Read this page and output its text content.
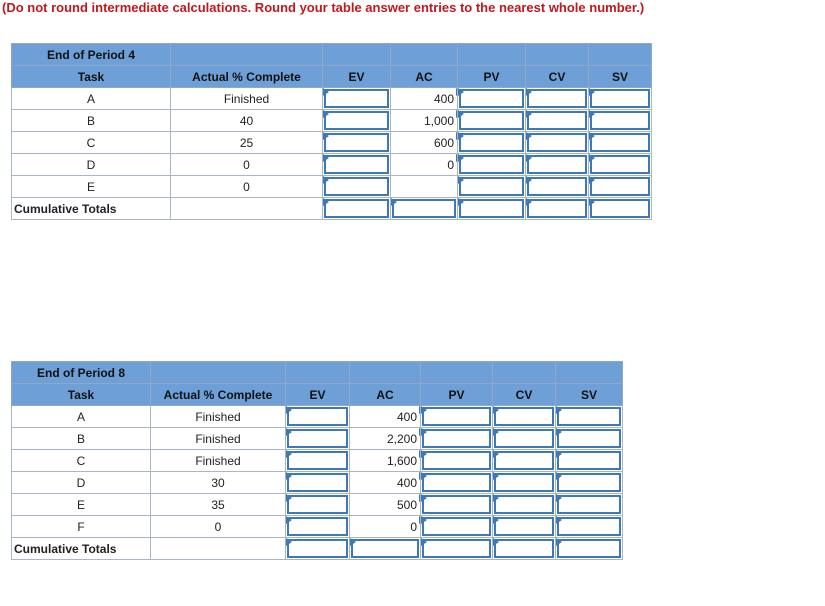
(Do not round intermediate calculations. Round your table answer entries to the nearest whole number.)
End of Period 4						
Task	Actual % Complete	EV	AC	PV	CV	SV
A	Finished		400

B	40		1,000

C	25		600

D	0		0

E	0	

Cumulative Totals		

End of Period 8						
Task	Actual % Complete	EV	AC	PV	CV	SV
A	Finished		400

B	Finished		2,200

C	Finished		1,600

D	30		400

E	35		500

F	0		0

Cumulative Totals		
